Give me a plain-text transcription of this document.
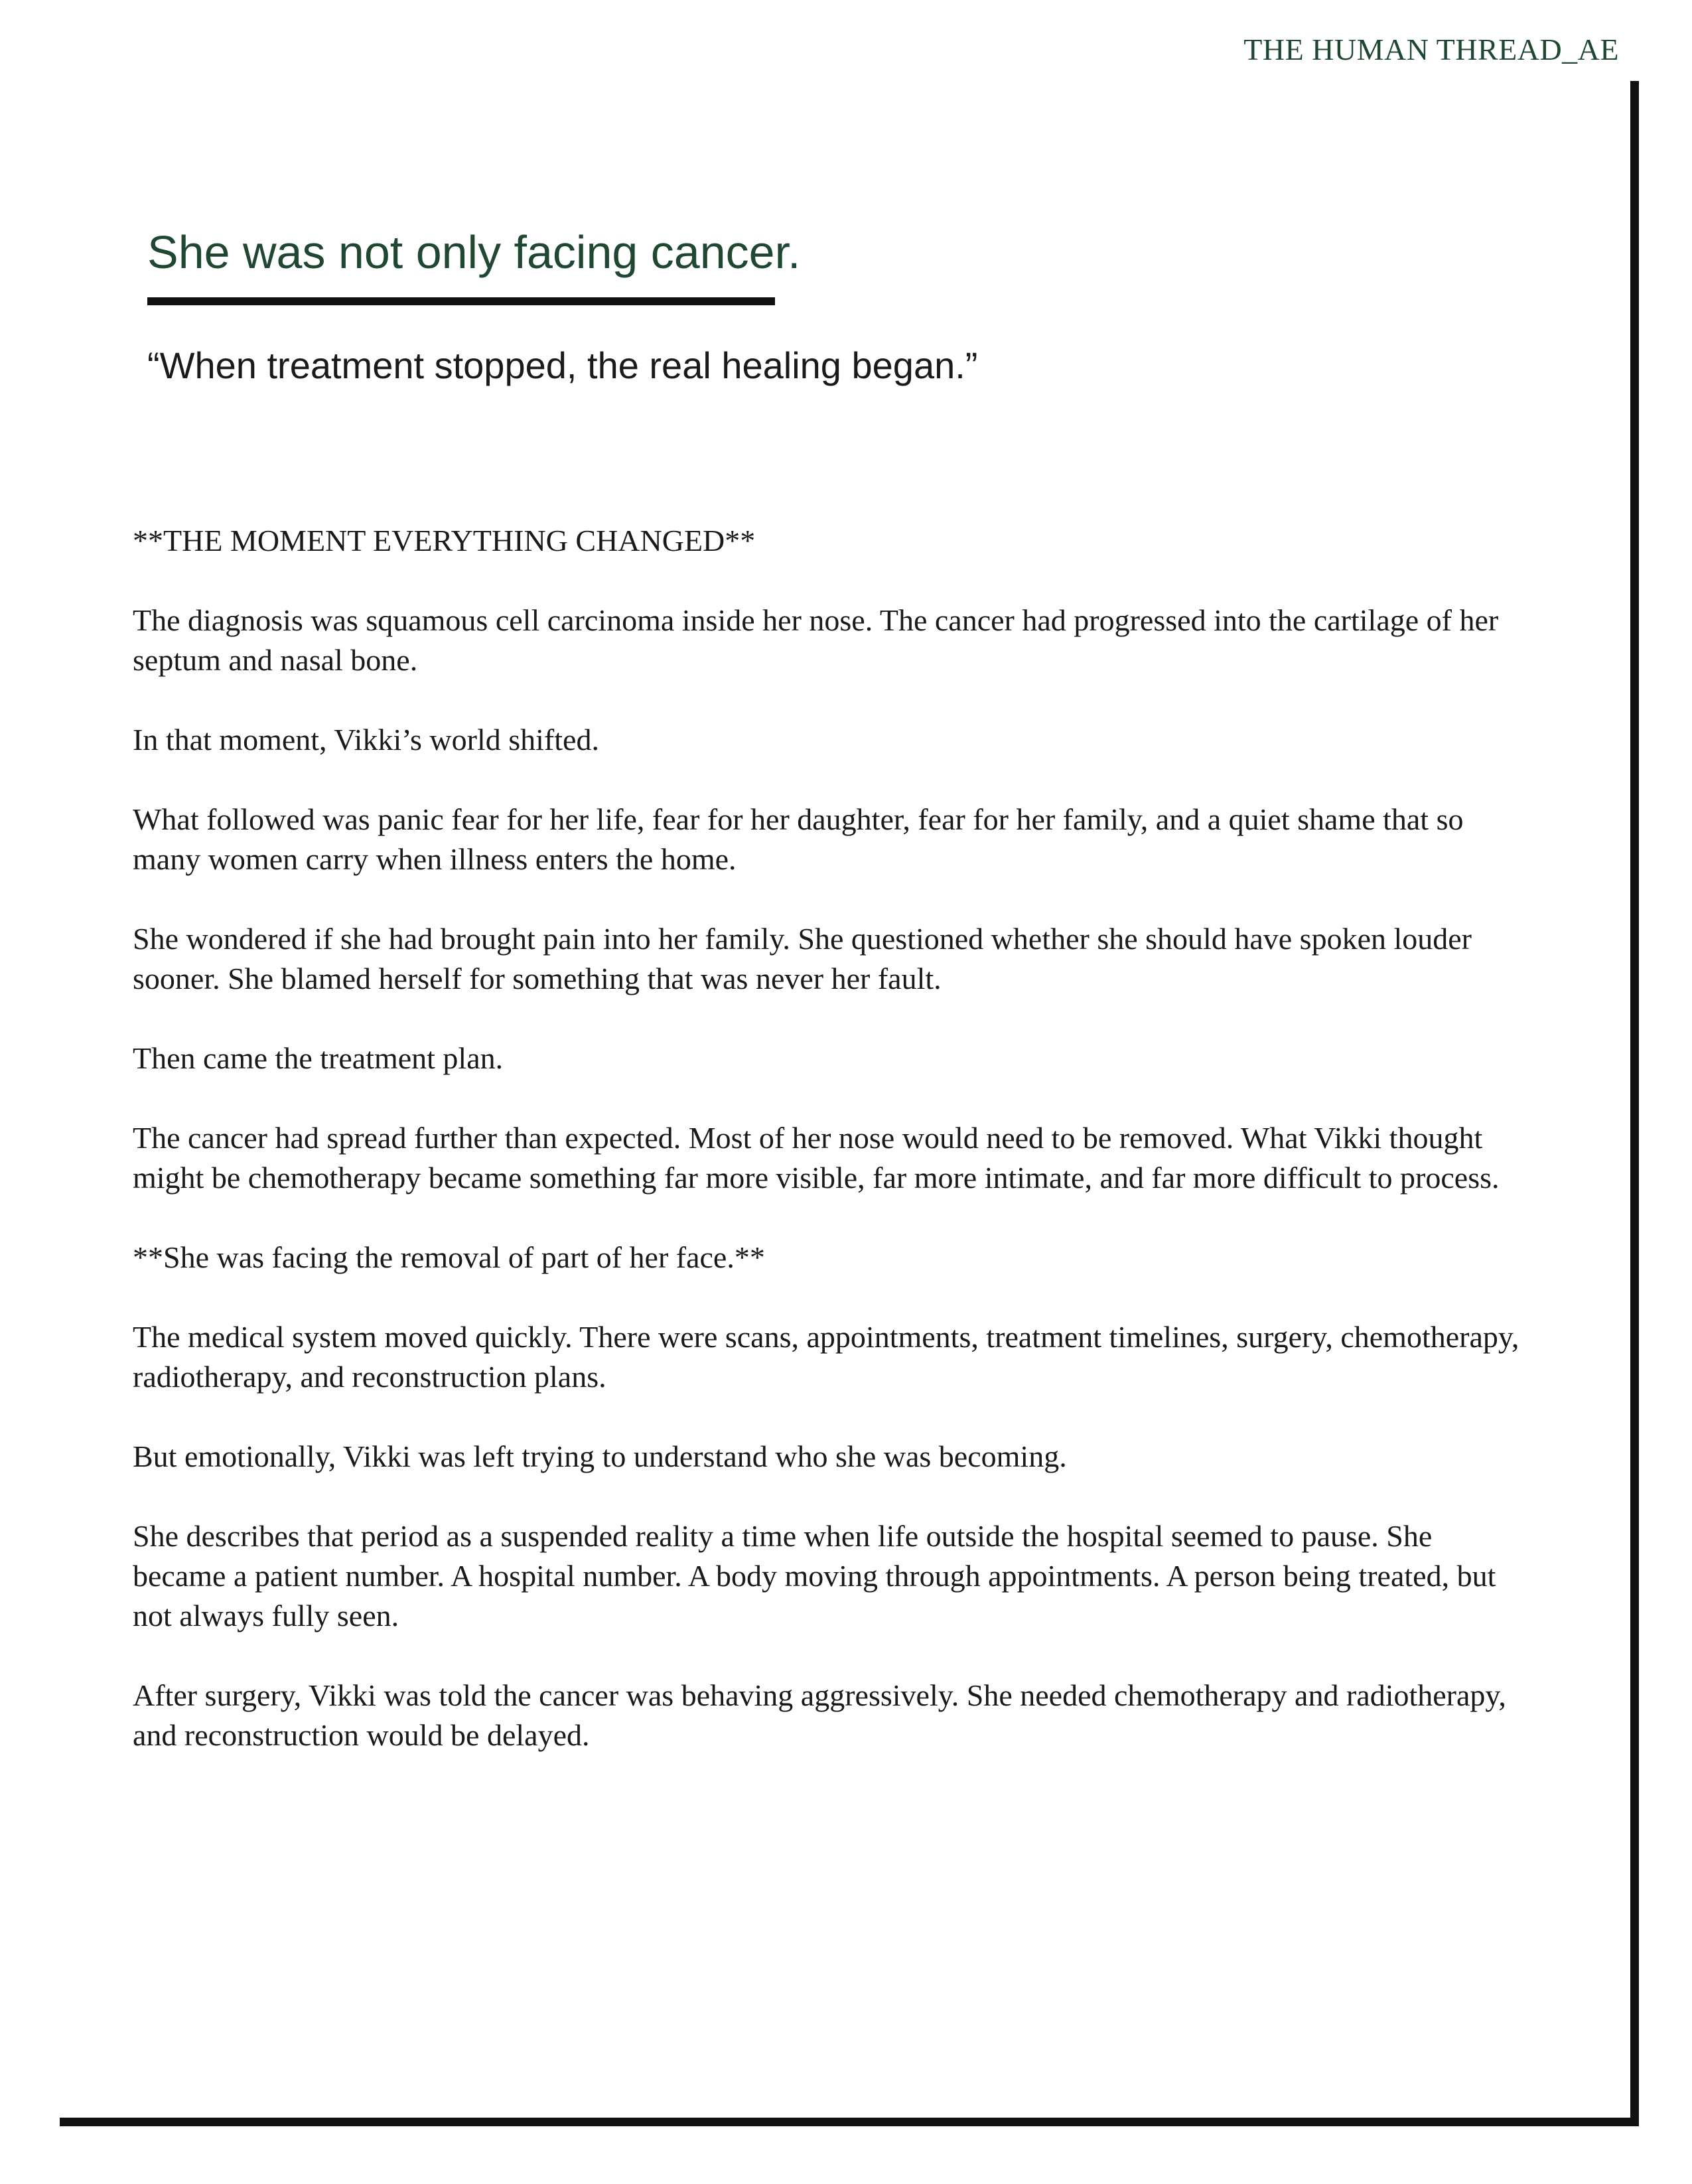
THE HUMAN THREAD_AE
She was not only facing cancer.
“When treatment stopped, the real healing began.”

**THE MOMENT EVERYTHING CHANGED**

The diagnosis was squamous cell carcinoma inside her nose. The cancer had progressed into the cartilage of her septum and nasal bone.

In that moment, Vikki’s world shifted.

What followed was panic fear for her life, fear for her daughter, fear for her family, and a quiet shame that so many women carry when illness enters the home.

She wondered if she had brought pain into her family. She questioned whether she should have spoken louder sooner. She blamed herself for something that was never her fault.

Then came the treatment plan.

The cancer had spread further than expected. Most of her nose would need to be removed. What Vikki thought might be chemotherapy became something far more visible, far more intimate, and far more difficult to process.

**She was facing the removal of part of her face.**

The medical system moved quickly. There were scans, appointments, treatment timelines, surgery, chemotherapy, radiotherapy, and reconstruction plans.

But emotionally, Vikki was left trying to understand who she was becoming.

She describes that period as a suspended reality a time when life outside the hospital seemed to pause. She became a patient number. A hospital number. A body moving through appointments. A person being treated, but not always fully seen.

After surgery, Vikki was told the cancer was behaving aggressively. She needed chemotherapy and radiotherapy, and reconstruction would be delayed.
